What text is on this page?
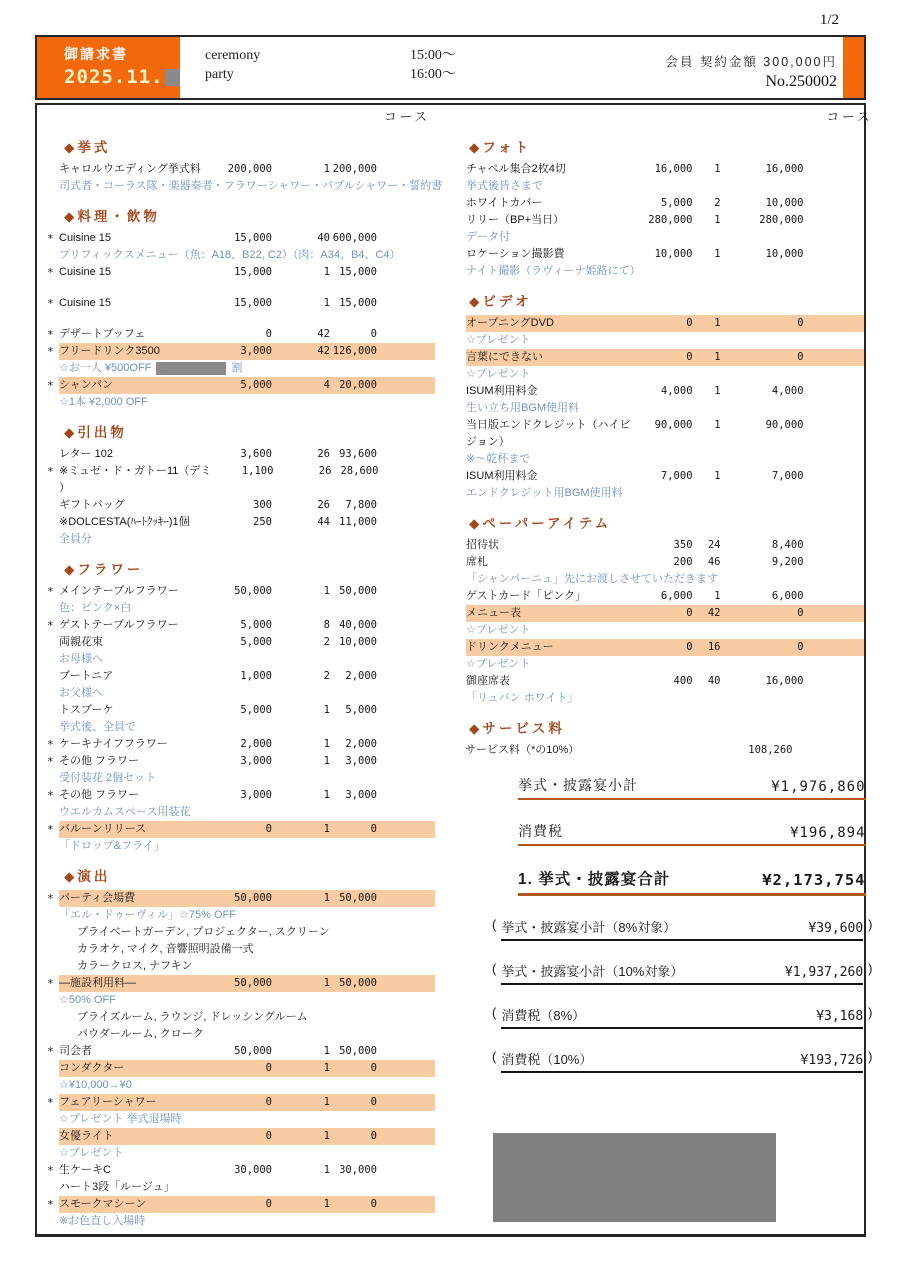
1/2
御請求書
2025.11.
ceremony	15:00～
party	16:00～
会員 契約金額 300,000円
No.250002
コース
◆挙式
キャロルウエディング挙式料	200,000	1 200,000
司式者・コーラス隊・楽器奏者・フラワーシャワー・バブルシャワー・誓約書
◆料理・飲物
* Cuisine 15	15,000	40 600,000
プリフィックスメニュー（魚：A18、B22, C2）（肉：A34、B4、C4）
* Cuisine 15	15,000	1 15,000
* Cuisine 15	15,000	1 15,000
* デザートブッフェ	0	42	0
* フリードリンク3500	3,000	42 126,000
☆お一人 ¥500OFF	割
* シャンパン	5,000	4 20,000
☆1本 ¥2,000 OFF
◆引出物
レター 102	3,600	26 93,600
* ※ミュゼ・ド・ガトー11（デミ	1,100	26 28,600
）
ギフトバッグ	300	26	7,800
※DOLCESTA(ﾊｰﾄｸｯｷｰ)1個	250	44 11,000
全員分
◆フラワー
* メインテーブルフラワー	50,000	1 50,000
色：ピンク×白
* ゲストテーブルフラワー	5,000	8 40,000
両親花束	5,000	2 10,000
お母様へ
ブートニア	1,000	2	2,000
お父様へ
トスブーケ	5,000	1	5,000
挙式後、全員で
* ケーキナイフフラワー	2,000	1	2,000
* その他 フラワー	3,000	1	3,000
受付装花 2個セット
* その他 フラワー	3,000	1	3,000
ウエルカムスペース用装花
* バルーンリリース	0	1	0
「ドロップ&フライ」
◆演出
* パーティ会場費	50,000	1 50,000
「エル・ドゥーヴィル」☆75% OFF
プライベートガーデン, プロジェクター, スクリーン
カラオケ, マイク, 音響照明設備一式
カラークロス, ナフキン
* —施設利用料—	50,000	1 50,000
☆50% OFF
ブライズルーム, ラウンジ, ドレッシングルーム
パウダールーム, クローク
* 司会者	50,000	1 50,000
コンダクター	0	1	0
☆¥10,000→¥0
* フェアリーシャワー	0	1	0
☆プレゼント 挙式退場時
女優ライト	0	1	0
☆プレゼント
* 生ケーキC	30,000	1 30,000
ハート3段「ルージュ」
* スモークマシーン	0	1	0
※お色直し入場時
コース
◆フォト
チャペル集合2枚4切	16,000	1	16,000
挙式後皆さまで
ホワイトカバー	5,000	2	10,000
リリー（BP+当日）	280,000	1	280,000
データ付
ロケーション撮影費	10,000	1	10,000
ナイト撮影（ラヴィーナ姫路にて）
◆ビデオ
オープニングDVD	0	1	0
☆プレゼント
言葉にできない	0	1	0
☆プレゼント
ISUM利用料金	4,000	1	4,000
生い立ち用BGM使用料
当日版エンドクレジット（ハイビ	90,000	1	90,000
ジョン）
※～乾杯まで
ISUM利用料金	7,000	1	7,000
エンドクレジット用BGM使用料
◆ペーパーアイテム
招待状	350	24	8,400
席札	200	46	9,200
「シャンパーニュ」先にお渡しさせていただきます
ゲストカード「ピンク」	6,000	1	6,000
メニュー表	0	42	0
☆プレゼント
ドリンクメニュー	0	16	0
☆プレゼント
御座席表	400	40	16,000
「リュバン ホワイト」
◆サービス料
サービス料（*の10%）	108,260
挙式・披露宴小計	¥1,976,860
消費税	¥196,894
1. 挙式・披露宴合計	¥2,173,754
( 挙式・披露宴小計（8%対象）	¥39,600 )
( 挙式・披露宴小計（10%対象）	¥1,937,260 )
( 消費税（8%）	¥3,168 )
( 消費税（10%）	¥193,726 )
